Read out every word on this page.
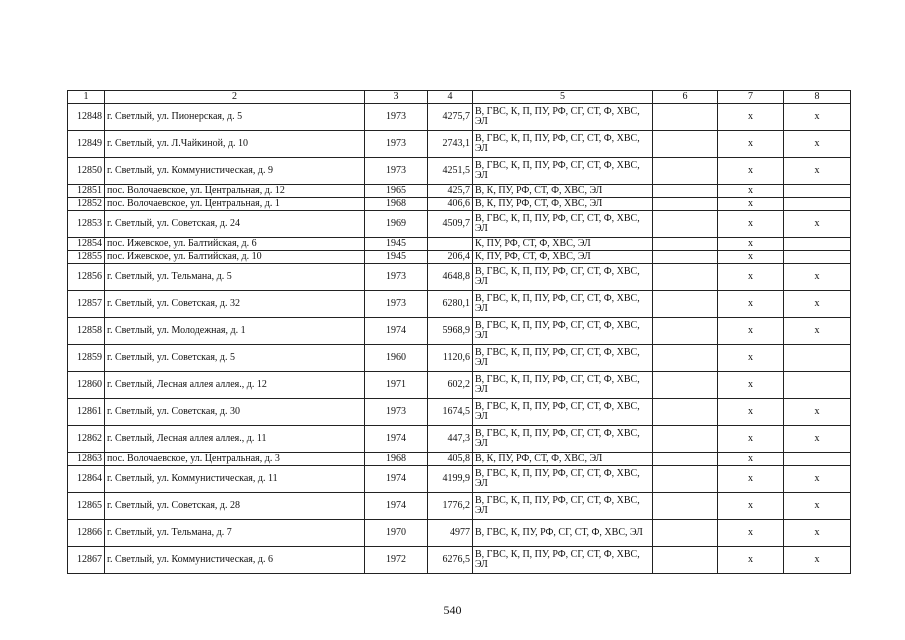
1	2	3	4	5	6	7	8
12848	г. Светлый, ул. Пионерская, д. 5	1973	4275,7	В, ГВС, К, П, ПУ, РФ, СГ, СТ, Ф, ХВС, ЭЛ		х	х
12849	г. Светлый, ул. Л.Чайкиной, д. 10	1973	2743,1	В, ГВС, К, П, ПУ, РФ, СГ, СТ, Ф, ХВС, ЭЛ		х	х
12850	г. Светлый, ул. Коммунистическая, д. 9	1973	4251,5	В, ГВС, К, П, ПУ, РФ, СГ, СТ, Ф, ХВС, ЭЛ		х	х
12851	пос. Волочаевское, ул. Центральная, д. 12	1965	425,7	В, К, ПУ, РФ, СТ, Ф, ХВС, ЭЛ		х	
12852	пос. Волочаевское, ул. Центральная, д. 1	1968	406,6	В, К, ПУ, РФ, СТ, Ф, ХВС, ЭЛ		х	
12853	г. Светлый, ул. Советская, д. 24	1969	4509,7	В, ГВС, К, П, ПУ, РФ, СГ, СТ, Ф, ХВС, ЭЛ		х	х
12854	пос. Ижевское, ул. Балтийская, д. 6	1945		К, ПУ, РФ, СТ, Ф, ХВС, ЭЛ		х	
12855	пос. Ижевское, ул. Балтийская, д. 10	1945	206,4	К, ПУ, РФ, СТ, Ф, ХВС, ЭЛ		х	
12856	г. Светлый, ул. Тельмана, д. 5	1973	4648,8	В, ГВС, К, П, ПУ, РФ, СГ, СТ, Ф, ХВС, ЭЛ		х	х
12857	г. Светлый, ул. Советская, д. 32	1973	6280,1	В, ГВС, К, П, ПУ, РФ, СГ, СТ, Ф, ХВС, ЭЛ		х	х
12858	г. Светлый, ул. Молодежная, д. 1	1974	5968,9	В, ГВС, К, П, ПУ, РФ, СГ, СТ, Ф, ХВС, ЭЛ		х	х
12859	г. Светлый, ул. Советская, д. 5	1960	1120,6	В, ГВС, К, П, ПУ, РФ, СГ, СТ, Ф, ХВС, ЭЛ		х	
12860	г. Светлый, Лесная аллея аллея., д. 12	1971	602,2	В, ГВС, К, П, ПУ, РФ, СГ, СТ, Ф, ХВС, ЭЛ		х	
12861	г. Светлый, ул. Советская, д. 30	1973	1674,5	В, ГВС, К, П, ПУ, РФ, СГ, СТ, Ф, ХВС, ЭЛ		х	х
12862	г. Светлый, Лесная аллея аллея., д. 11	1974	447,3	В, ГВС, К, П, ПУ, РФ, СГ, СТ, Ф, ХВС, ЭЛ		х	х
12863	пос. Волочаевское, ул. Центральная, д. 3	1968	405,8	В, К, ПУ, РФ, СТ, Ф, ХВС, ЭЛ		х	
12864	г. Светлый, ул. Коммунистическая, д. 11	1974	4199,9	В, ГВС, К, П, ПУ, РФ, СГ, СТ, Ф, ХВС, ЭЛ		х	х
12865	г. Светлый, ул. Советская, д. 28	1974	1776,2	В, ГВС, К, П, ПУ, РФ, СГ, СТ, Ф, ХВС, ЭЛ		х	х
12866	г. Светлый, ул. Тельмана, д. 7	1970	4977	В, ГВС, К, ПУ, РФ, СГ, СТ, Ф, ХВС, ЭЛ		х	х
12867	г. Светлый, ул. Коммунистическая, д. 6	1972	6276,5	В, ГВС, К, П, ПУ, РФ, СГ, СТ, Ф, ХВС, ЭЛ		х	х
540
